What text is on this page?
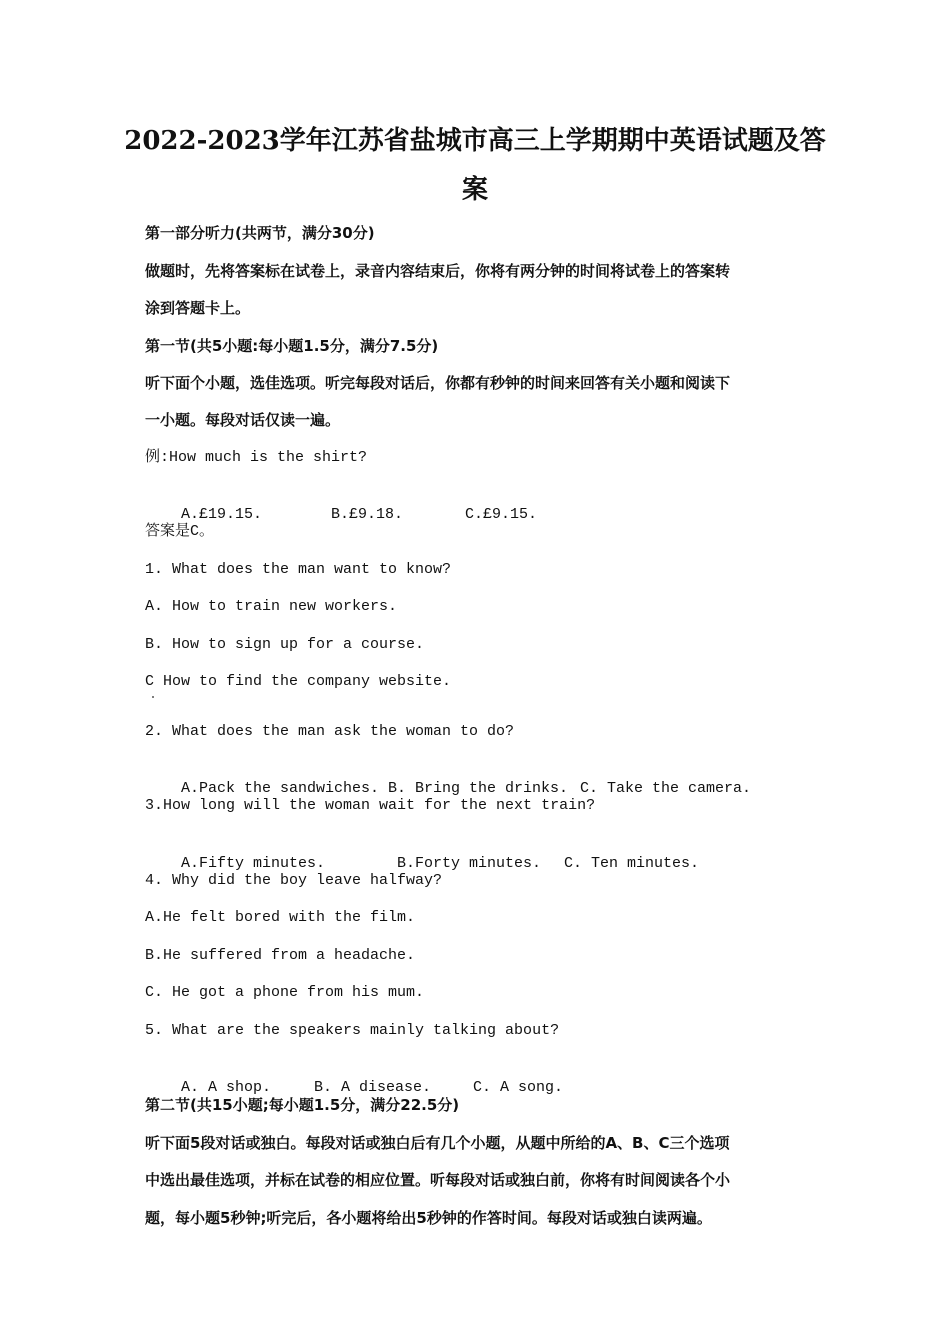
2022-2023学年江苏省盐城市高三上学期期中英语试题及答
案

第一部分听力(共两节，满分30分)

做题时，先将答案标在试卷上，录音内容结束后，你将有两分钟的时间将试卷上的答案转

涂到答题卡上。

第一节(共5小题:每小题1.5分，满分7.5分)

听下面个小题，选佳选项。听完每段对话后，你都有秒钟的时间来回答有关小题和阅读下

一小题。每段对话仅读一遍。

例:How much is the shirt?

A.£19.15.	B.£9.18.	C.£9.15.

答案是C。

1. What does the man want to know?

A. How to train new workers.

B. How to sign up for a course.

C How to find the company website.

2. What does the man ask the woman to do?

A.Pack the sandwiches. B. Bring the drinks. C. Take the camera.

3.How long will the woman wait for the next train?

A.Fifty minutes.	B.Forty minutes. C. Ten minutes.

4. Why did the boy leave halfway?

A.He felt bored with the film.

B.He suffered from a headache.

C. He got a phone from his mum.

5. What are the speakers mainly talking about?

A. A shop.	B. A disease.	C. A song.

第二节(共15小题;每小题1.5分，满分22.5分)

听下面5段对话或独白。每段对话或独白后有几个小题，从题中所给的A、B、C三个选项

中选出最佳选项，并标在试卷的相应位置。听每段对话或独白前，你将有时间阅读各个小

题，每小题5秒钟;听完后，各小题将给出5秒钟的作答时间。每段对话或独白读两遍。
